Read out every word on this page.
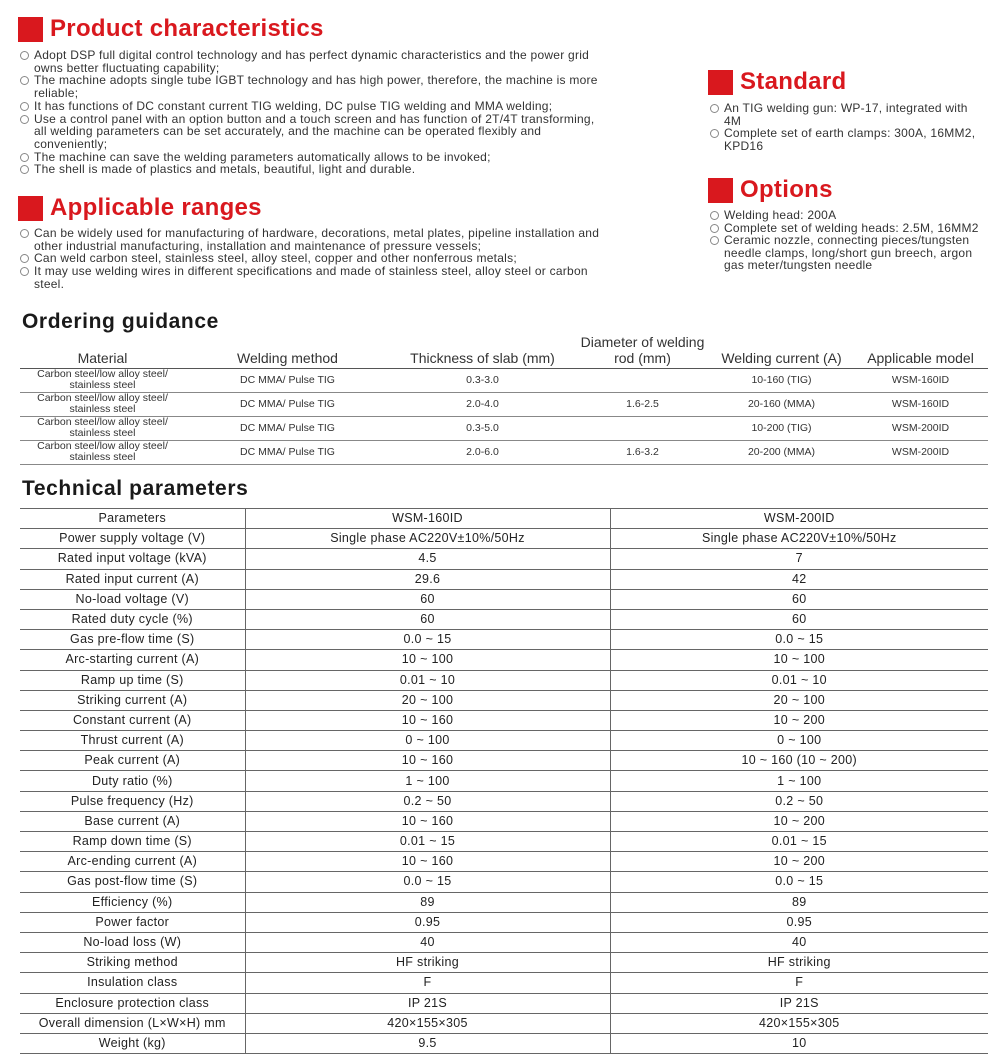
Product characteristics
Adopt DSP full digital control technology and has perfect dynamic characteristics and the power grid owns better fluctuating capability;
The machine adopts single tube IGBT technology and has high power, therefore, the machine is more reliable;
It has functions of DC constant current TIG welding, DC pulse TIG welding and MMA welding;
Use a control panel with an option button and a touch screen and has function of 2T/4T transforming, all welding parameters can be set accurately, and the machine can be operated flexibly and conveniently;
The machine can save the welding parameters automatically allows to be invoked;
The shell is made of plastics and metals, beautiful, light and durable.
Applicable ranges
Can be widely used for manufacturing of hardware, decorations, metal plates, pipeline installation and other industrial manufacturing, installation and maintenance of pressure vessels;
Can weld carbon steel, stainless steel, alloy steel, copper and other nonferrous metals;
It may use welding wires in different specifications and made of stainless steel, alloy steel or carbon steel.
Standard
An TIG welding gun: WP-17, integrated with 4M
Complete set of earth clamps: 300A, 16MM2, KPD16
Options
Welding head: 200A
Complete set of welding heads: 2.5M, 16MM2
Ceramic nozzle, connecting pieces/tungsten needle clamps, long/short gun breech, argon gas meter/tungsten needle
Ordering guidance
Material	Welding method	Thickness of slab (mm)	Diameter of welding rod (mm)	Welding current (A)	Applicable model
Carbon steel/low alloy steel/ stainless steel	DC MMA/ Pulse TIG	0.3-3.0		10-160 (TIG)	WSM-160ID
Carbon steel/low alloy steel/ stainless steel	DC MMA/ Pulse TIG	2.0-4.0	1.6-2.5	20-160 (MMA)	WSM-160ID
Carbon steel/low alloy steel/ stainless steel	DC MMA/ Pulse TIG	0.3-5.0		10-200 (TIG)	WSM-200ID
Carbon steel/low alloy steel/ stainless steel	DC MMA/ Pulse TIG	2.0-6.0	1.6-3.2	20-200 (MMA)	WSM-200ID
Technical parameters
Parameters	WSM-160ID	WSM-200ID
Power supply voltage (V)	Single phase AC220V±10%/50Hz	Single phase AC220V±10%/50Hz
Rated input voltage (kVA)	4.5	7
Rated input current (A)	29.6	42
No-load voltage (V)	60	60
Rated duty cycle (%)	60	60
Gas pre-flow time (S)	0.0 ~ 15	0.0 ~ 15
Arc-starting current (A)	10 ~ 100	10 ~ 100
Ramp up time (S)	0.01 ~ 10	0.01 ~ 10
Striking current (A)	20 ~ 100	20 ~ 100
Constant current (A)	10 ~ 160	10 ~ 200
Thrust current (A)	0 ~ 100	0 ~ 100
Peak current (A)	10 ~ 160	10 ~ 160 (10 ~ 200)
Duty ratio (%)	1 ~ 100	1 ~ 100
Pulse frequency (Hz)	0.2 ~ 50	0.2 ~ 50
Base current (A)	10 ~ 160	10 ~ 200
Ramp down time (S)	0.01 ~ 15	0.01 ~ 15
Arc-ending current (A)	10 ~ 160	10 ~ 200
Gas post-flow time (S)	0.0 ~ 15	0.0 ~ 15
Efficiency (%)	89	89
Power factor	0.95	0.95
No-load loss (W)	40	40
Striking method	HF striking	HF striking
Insulation class	F	F
Enclosure protection class	IP 21S	IP 21S
Overall dimension (L×W×H) mm	420×155×305	420×155×305
Weight (kg)	9.5	10
